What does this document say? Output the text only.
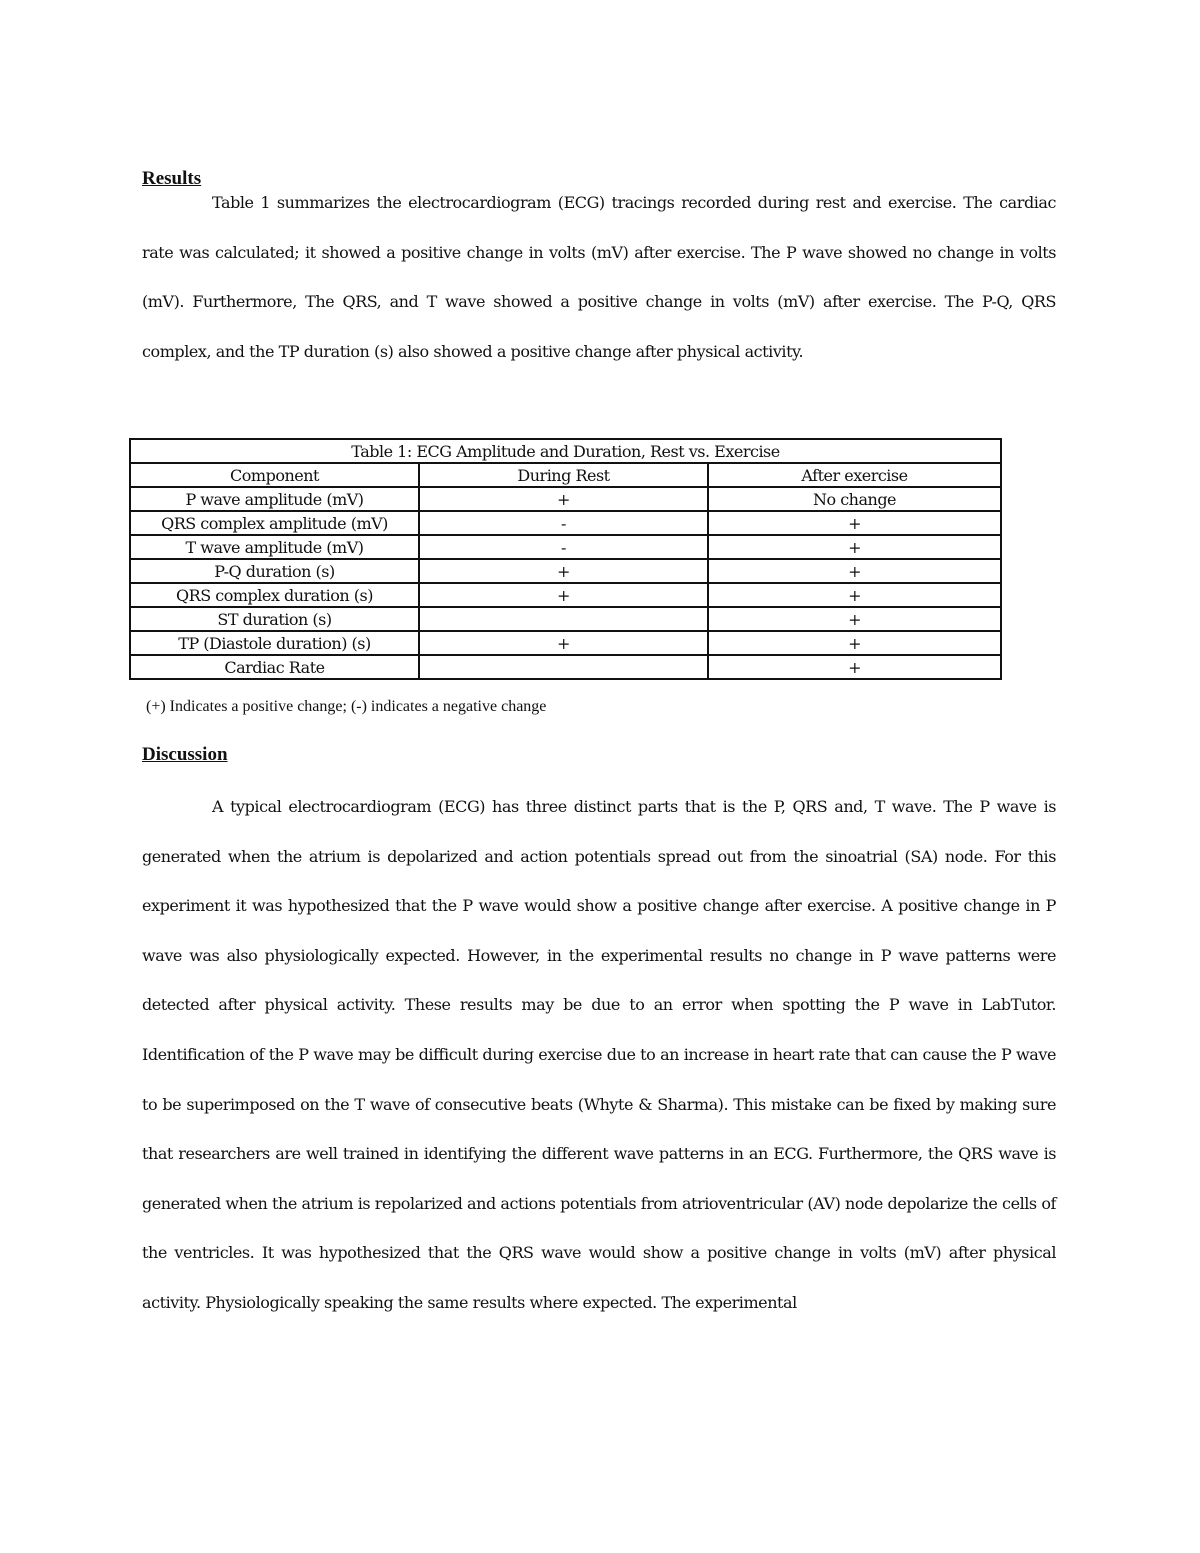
Results

Table 1 summarizes the electrocardiogram (ECG) tracings recorded during rest and exercise. The cardiac rate was calculated; it showed a positive change in volts (mV) after exercise. The P wave showed no change in volts (mV). Furthermore, The QRS, and T wave showed a positive change in volts (mV) after exercise. The P-Q, QRS complex, and the TP duration (s) also showed a positive change after physical activity.

Table 1: ECG Amplitude and Duration, Rest vs. Exercise		
Component	During Rest	After exercise
P wave amplitude (mV)	+	No change
QRS complex amplitude (mV)	-	+
T wave amplitude (mV)	-	+
P-Q duration (s)	+	+
QRS complex duration (s)	+	+
ST duration (s)		+
TP (Diastole duration) (s)	+	+
Cardiac Rate		+

(+) Indicates a positive change; (-) indicates a negative change

Discussion

A typical electrocardiogram (ECG) has three distinct parts that is the P, QRS and, T wave. The P wave is generated when the atrium is depolarized and action potentials spread out from the sinoatrial (SA) node. For this experiment it was hypothesized that the P wave would show a positive change after exercise. A positive change in P wave was also physiologically expected. However, in the experimental results no change in P wave patterns were detected after physical activity. These results may be due to an error when spotting the P wave in LabTutor. Identification of the P wave may be difficult during exercise due to an increase in heart rate that can cause the P wave to be superimposed on the T wave of consecutive beats (Whyte & Sharma). This mistake can be fixed by making sure that researchers are well trained in identifying the different wave patterns in an ECG. Furthermore, the QRS wave is generated when the atrium is repolarized and actions potentials from atrioventricular (AV) node depolarize the cells of the ventricles. It was hypothesized that the QRS wave would show a positive change in volts (mV) after physical activity. Physiologically speaking the same results where expected. The experimental
